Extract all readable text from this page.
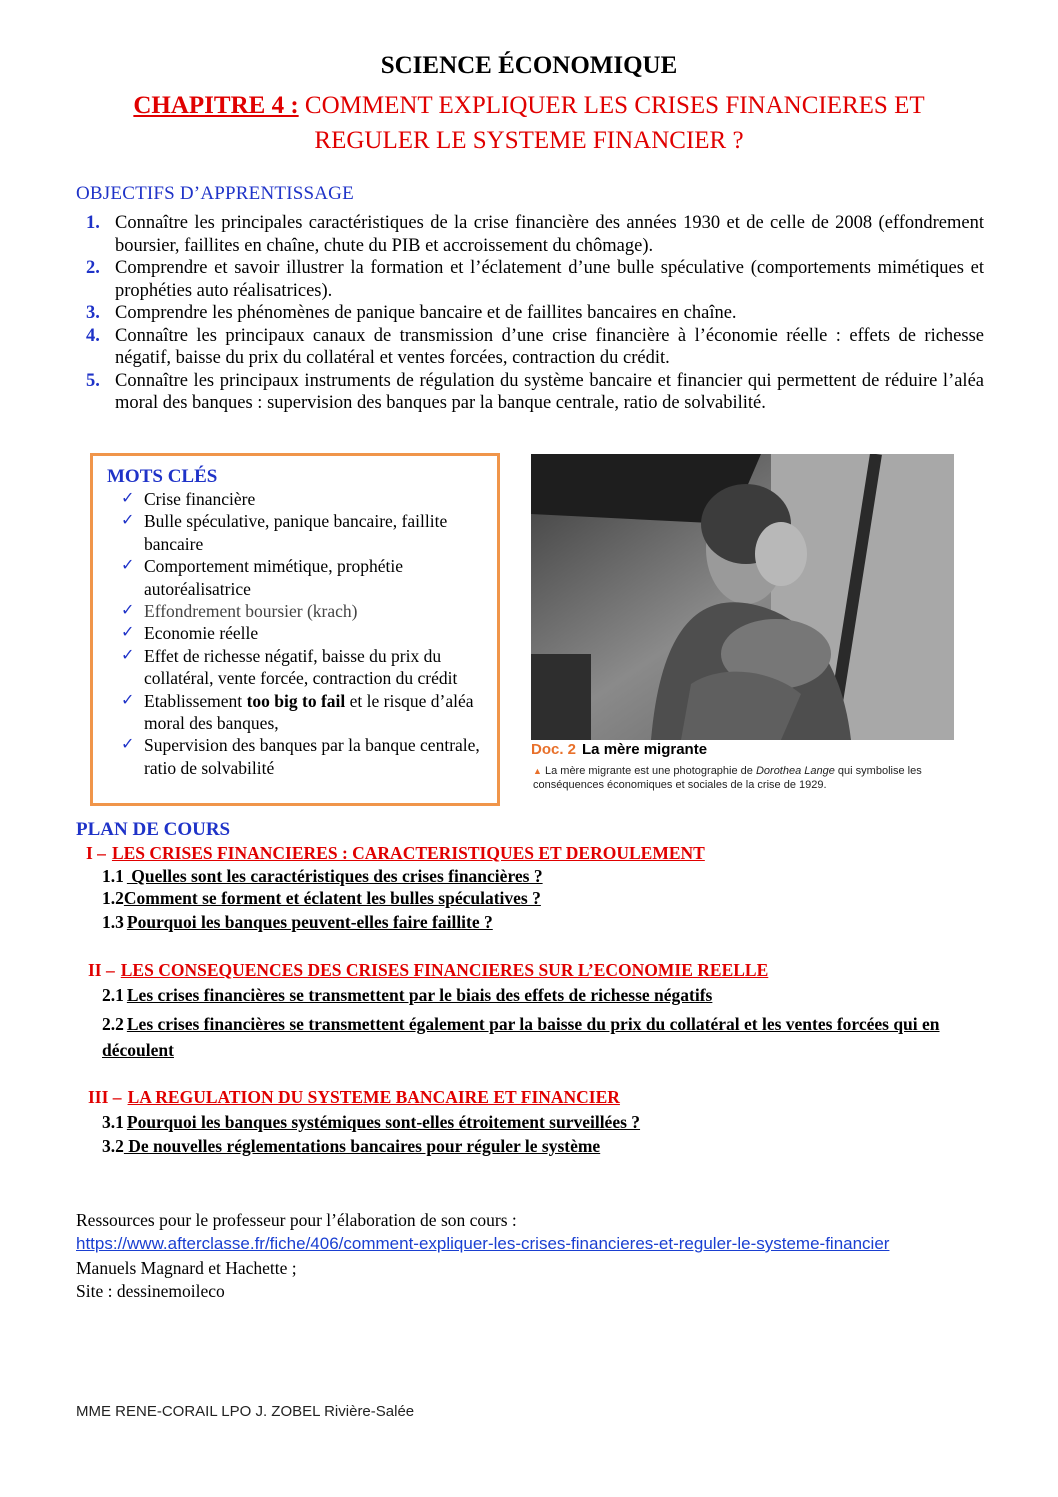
SCIENCE ÉCONOMIQUE
CHAPITRE 4 : COMMENT EXPLIQUER LES CRISES FINANCIERES ET
REGULER LE SYSTEME FINANCIER ?
OBJECTIFS D’APPRENTISSAGE
1. Connaître les principales caractéristiques de la crise financière des années 1930 et de celle de 2008 (effondrement boursier, faillites en chaîne, chute du PIB et accroissement du chômage).
2. Comprendre et savoir illustrer la formation et l’éclatement d’une bulle spéculative (comportements mimétiques et prophéties auto réalisatrices).
3. Comprendre les phénomènes de panique bancaire et de faillites bancaires en chaîne.
4. Connaître les principaux canaux de transmission d’une crise financière à l’économie réelle : effets de richesse négatif, baisse du prix du collatéral et ventes forcées, contraction du crédit.
5. Connaître les principaux instruments de régulation du système bancaire et financier qui permettent de réduire l’aléa moral des banques : supervision des banques par la banque centrale, ratio de solvabilité.
MOTS CLÉS
✓ Crise financière
✓ Bulle spéculative, panique bancaire, faillite bancaire
✓ Comportement mimétique, prophétie autoréalisatrice
✓ Effondrement boursier (krach)
✓ Economie réelle
✓ Effet de richesse négatif, baisse du prix du collatéral, vente forcée, contraction du crédit
✓ Etablissement too big to fail et le risque d’aléa moral des banques,
✓ Supervision des banques par la banque centrale, ratio de solvabilité
Doc. 2 La mère migrante
▲ La mère migrante est une photographie de Dorothea Lange qui symbolise les conséquences économiques et sociales de la crise de 1929.
PLAN DE COURS
I – LES CRISES FINANCIERES : CARACTERISTIQUES ET DEROULEMENT
1.1 Quelles sont les caractéristiques des crises financières ?
1.2Comment se forment et éclatent les bulles spéculatives ?
1.3 Pourquoi les banques peuvent-elles faire faillite ?
II – LES CONSEQUENCES DES CRISES FINANCIERES SUR L’ECONOMIE REELLE
2.1 Les crises financières se transmettent par le biais des effets de richesse négatifs
2.2 Les crises financières se transmettent également par la baisse du prix du collatéral et les ventes forcées qui en découlent
III – LA REGULATION DU SYSTEME BANCAIRE ET FINANCIER
3.1 Pourquoi les banques systémiques sont-elles étroitement surveillées ?
3.2 De nouvelles réglementations bancaires pour réguler le système
Ressources pour le professeur pour l’élaboration de son cours :
https://www.afterclasse.fr/fiche/406/comment-expliquer-les-crises-financieres-et-reguler-le-systeme-financier
Manuels Magnard et Hachette ;
Site : dessinemoileco
MME RENE-CORAIL LPO J. ZOBEL Rivière-Salée
